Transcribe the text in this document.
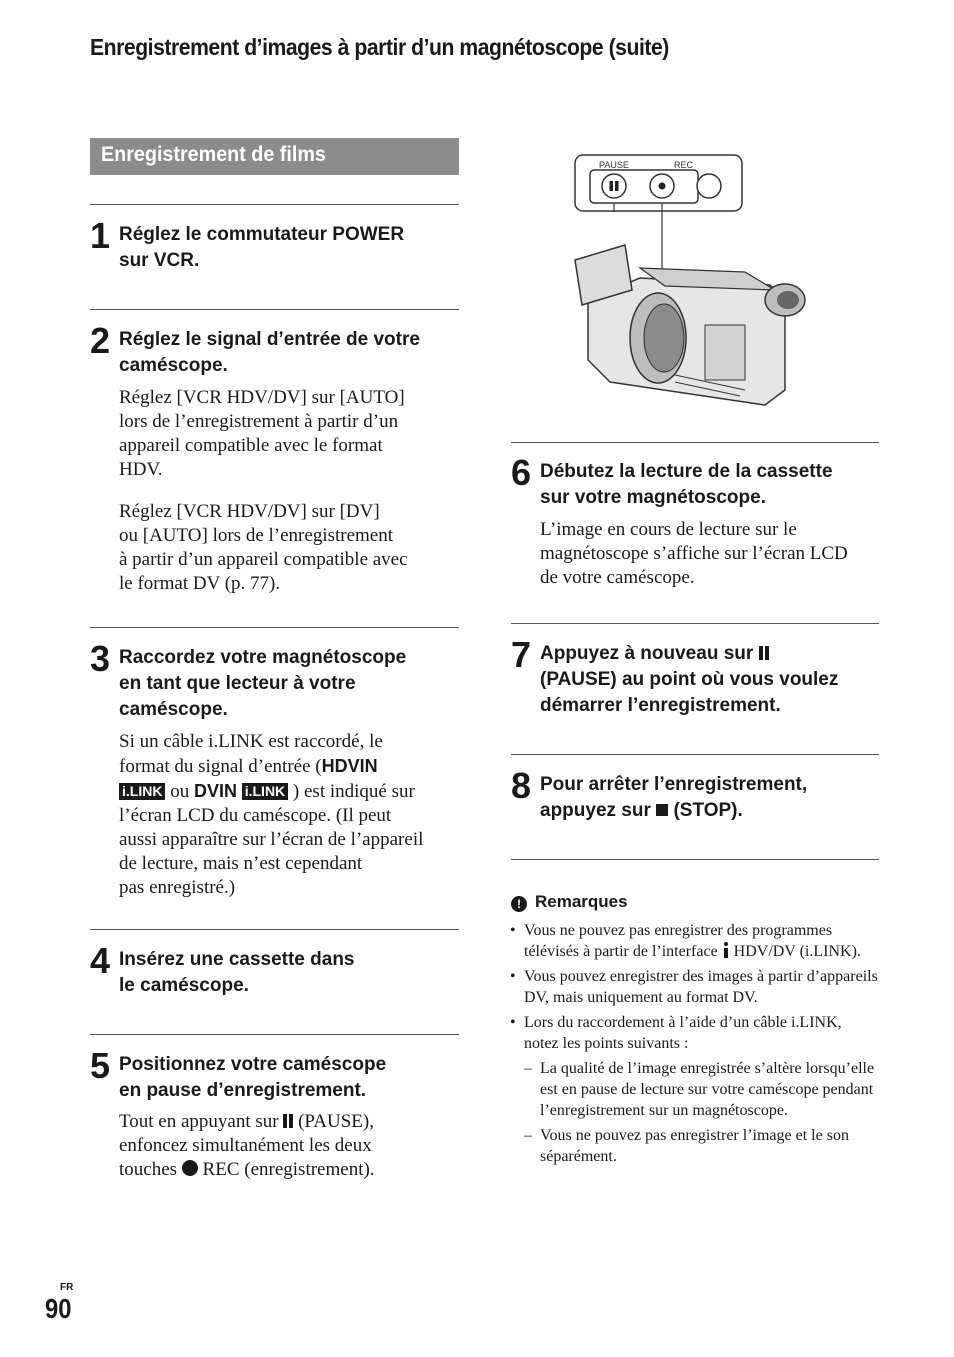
Enregistrement d’images à partir d’un magnétoscope (suite)
Enregistrement de films
1 Réglez le commutateur POWER
sur VCR.
2 Réglez le signal d’entrée de votre
caméscope.
Réglez [VCR HDV/DV] sur [AUTO]
lors de l’enregistrement à partir d’un
appareil compatible avec le format
HDV.
Réglez [VCR HDV/DV] sur [DV]
ou [AUTO] lors de l’enregistrement
à partir d’un appareil compatible avec
le format DV (p. 77).
3 Raccordez votre magnétoscope
en tant que lecteur à votre
caméscope.
Si un câble i.LINK est raccordé, le
format du signal d’entrée (HDVIN
i.LINK ou DVIN i.LINK ) est indiqué sur
l’écran LCD du caméscope. (Il peut
aussi apparaître sur l’écran de l’appareil
de lecture, mais n’est cependant
pas enregistré.)
4 Insérez une cassette dans
le caméscope.
5 Positionnez votre caméscope
en pause d’enregistrement.
Tout en appuyant sur (PAUSE),
enfoncez simultanément les deux
touches REC (enregistrement).
PAUSE	REC
6 Débutez la lecture de la cassette
sur votre magnétoscope.
L’image en cours de lecture sur le
magnétoscope s’affiche sur l’écran LCD
de votre caméscope.
7 Appuyez à nouveau sur
(PAUSE) au point où vous voulez
démarrer l’enregistrement.
8 Pour arrêter l’enregistrement,
appuyez sur (STOP).
! Remarques
• Vous ne pouvez pas enregistrer des programmes télévisés à partir de l’interface HDV/DV (i.LINK).
• Vous pouvez enregistrer des images à partir d’appareils DV, mais uniquement au format DV.
• Lors du raccordement à l’aide d’un câble i.LINK, notez les points suivants :
– La qualité de l’image enregistrée s’altère lorsqu’elle est en pause de lecture sur votre caméscope pendant l’enregistrement sur un magnétoscope.
– Vous ne pouvez pas enregistrer l’image et le son séparément.
FR
90
